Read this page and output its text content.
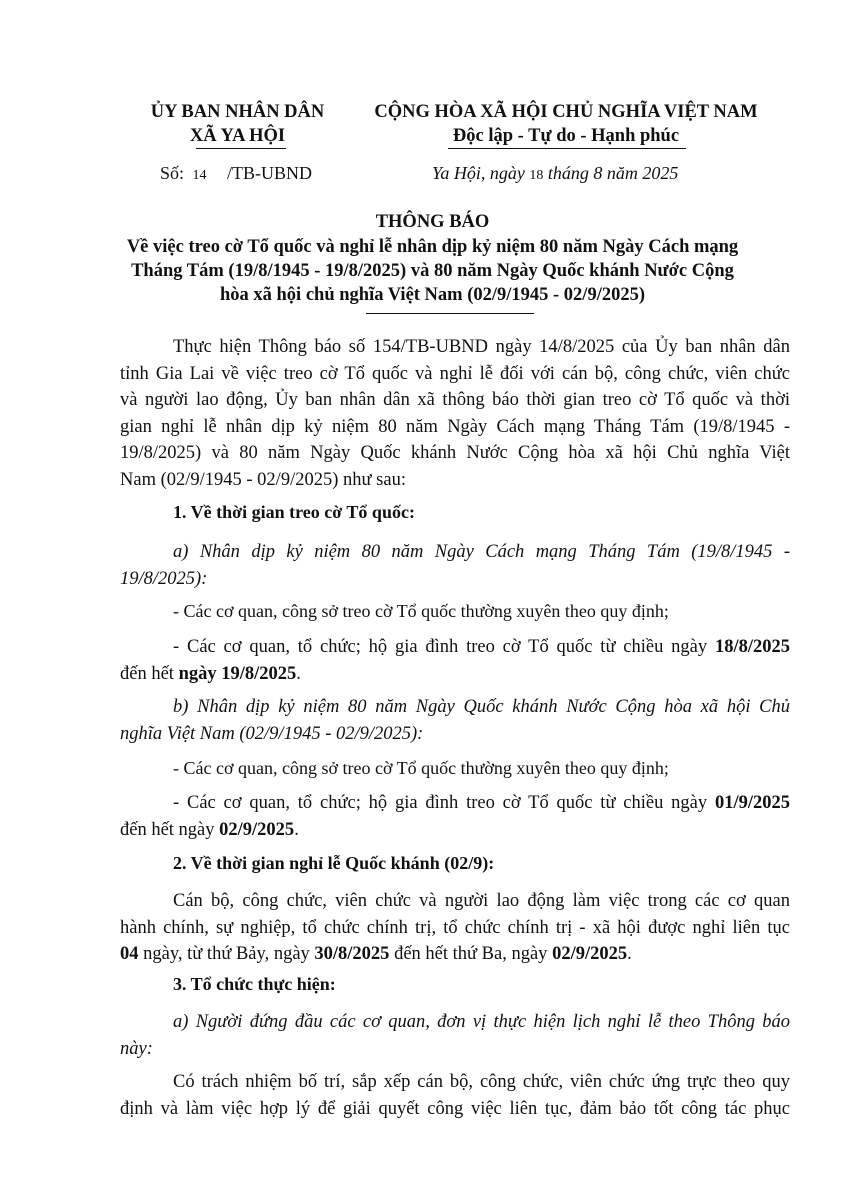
ỦY BAN NHÂN DÂN
XÃ YA HỘI
CỘNG HÒA XÃ HỘI CHỦ NGHĨA VIỆT NAM
Độc lập - Tự do - Hạnh phúc
Số: 14 /TB-UBND	Ya Hội, ngày 18 tháng 8 năm 2025
THÔNG BÁO
Về việc treo cờ Tổ quốc và nghỉ lễ nhân dịp kỷ niệm 80 năm Ngày Cách mạng
Tháng Tám (19/8/1945 - 19/8/2025) và 80 năm Ngày Quốc khánh Nước Cộng
hòa xã hội chủ nghĩa Việt Nam (02/9/1945 - 02/9/2025)
Thực hiện Thông báo số 154/TB-UBND ngày 14/8/2025 của Ủy ban nhân dân
tỉnh Gia Lai về việc treo cờ Tổ quốc và nghỉ lễ đối với cán bộ, công chức, viên chức
và người lao động, Ủy ban nhân dân xã thông báo thời gian treo cờ Tổ quốc và thời
gian nghỉ lễ nhân dịp kỷ niệm 80 năm Ngày Cách mạng Tháng Tám (19/8/1945 -
19/8/2025) và 80 năm Ngày Quốc khánh Nước Cộng hòa xã hội Chủ nghĩa Việt
Nam (02/9/1945 - 02/9/2025) như sau:
1. Về thời gian treo cờ Tổ quốc:
a) Nhân dịp kỷ niệm 80 năm Ngày Cách mạng Tháng Tám (19/8/1945 -
19/8/2025):
- Các cơ quan, công sở treo cờ Tổ quốc thường xuyên theo quy định;
- Các cơ quan, tổ chức; hộ gia đình treo cờ Tổ quốc từ chiều ngày 18/8/2025
đến hết ngày 19/8/2025.
b) Nhân dịp kỷ niệm 80 năm Ngày Quốc khánh Nước Cộng hòa xã hội Chủ
nghĩa Việt Nam (02/9/1945 - 02/9/2025):
- Các cơ quan, công sở treo cờ Tổ quốc thường xuyên theo quy định;
- Các cơ quan, tổ chức; hộ gia đình treo cờ Tổ quốc từ chiều ngày 01/9/2025
đến hết ngày 02/9/2025.
2. Về thời gian nghỉ lễ Quốc khánh (02/9):
Cán bộ, công chức, viên chức và người lao động làm việc trong các cơ quan
hành chính, sự nghiệp, tổ chức chính trị, tổ chức chính trị - xã hội được nghỉ liên tục
04 ngày, từ thứ Bảy, ngày 30/8/2025 đến hết thứ Ba, ngày 02/9/2025.
3. Tổ chức thực hiện:
a) Người đứng đầu các cơ quan, đơn vị thực hiện lịch nghỉ lễ theo Thông báo
này:
Có trách nhiệm bố trí, sắp xếp cán bộ, công chức, viên chức ứng trực theo quy
định và làm việc hợp lý để giải quyết công việc liên tục, đảm bảo tốt công tác phục
